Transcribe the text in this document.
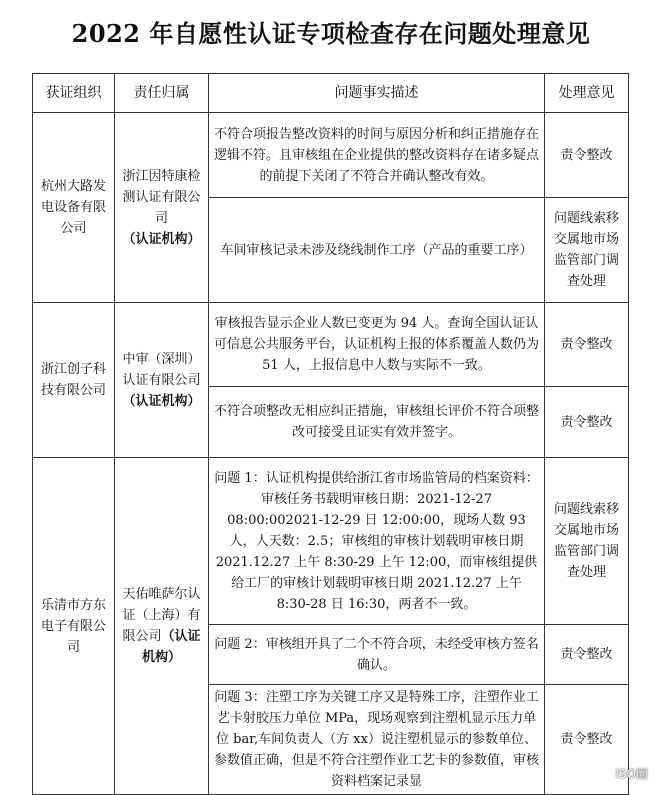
2022 年自愿性认证专项检查存在问题处理意见
获证组织	责任归属	问题事实描述	处理意见
杭州大路发电设备有限公司	浙江因特康检测认证有限公司（认证机构）	不符合项报告整改资料的时间与原因分析和纠正措施存在逻辑不符。且审核组在企业提供的整改资料存在诸多疑点的前提下关闭了不符合并确认整改有效。	责令整改
		车间审核记录未涉及绕线制作工序（产品的重要工序）	问题线索移交属地市场监管部门调查处理
浙江创子科技有限公司	中审（深圳）认证有限公司（认证机构）	审核报告显示企业人数已变更为 94 人。查询全国认证认可信息公共服务平台，认证机构上报的体系覆盖人数仍为 51 人，上报信息中人数与实际不一致。	责令整改
		不符合项整改无相应纠正措施，审核组长评价不符合项整改可接受且证实有效并签字。	责令整改
乐清市方东电子有限公司	天佑唯萨尔认证（上海）有限公司（认证机构）	问题 1：认证机构提供给浙江省市场监管局的档案资料：审核任务书载明审核日期：2021-12-27 08:00:002021-12-29 日 12:00:00，现场人数 93 人，人天数：2.5；审核组的审核计划载明审核日期 2021.12.27 上午 8:30-29 上午 12:00，而审核组提供给工厂的审核计划载明审核日期 2021.12.27 上午 8:30-28 日 16:30，两者不一致。	问题线索移交属地市场监管部门调查处理
		问题 2：审核组开具了二个不符合项，未经受审核方签名确认。	责令整改
		问题 3：注塑工序为关键工序又是特殊工序，注塑作业工艺卡射胶压力单位 MPa，现场观察到注塑机显示压力单位 bar,车间负责人（方 xx）说注塑机显示的参数单位、参数值正确，但是不符合注塑作业工艺卡的参数值，审核资料档案记录显	责令整改
ISO圈
